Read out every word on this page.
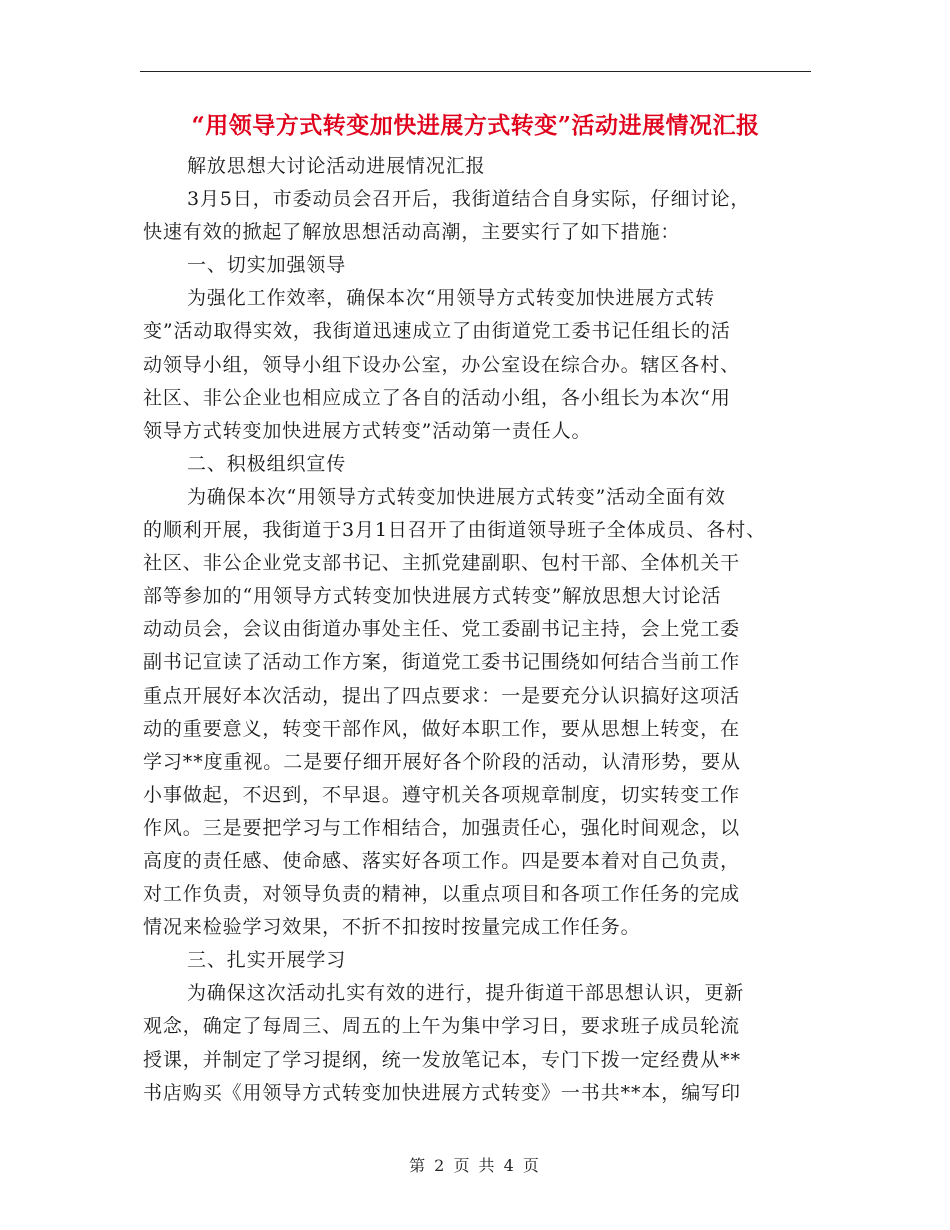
“用领导方式转变加快进展方式转变”活动进展情况汇报
解放思想大讨论活动进展情况汇报
3月5日，市委动员会召开后，我街道结合自身实际，仔细讨论，
快速有效的掀起了解放思想活动高潮，主要实行了如下措施：
一、切实加强领导
为强化工作效率，确保本次“用领导方式转变加快进展方式转
变”活动取得实效，我街道迅速成立了由街道党工委书记任组长的活
动领导小组，领导小组下设办公室，办公室设在综合办。辖区各村、
社区、非公企业也相应成立了各自的活动小组，各小组长为本次“用
领导方式转变加快进展方式转变”活动第一责任人。
二、积极组织宣传
为确保本次“用领导方式转变加快进展方式转变”活动全面有效
的顺利开展，我街道于3月1日召开了由街道领导班子全体成员、各村、
社区、非公企业党支部书记、主抓党建副职、包村干部、全体机关干
部等参加的“用领导方式转变加快进展方式转变”解放思想大讨论活
动动员会，会议由街道办事处主任、党工委副书记主持，会上党工委
副书记宣读了活动工作方案，街道党工委书记围绕如何结合当前工作
重点开展好本次活动，提出了四点要求：一是要充分认识搞好这项活
动的重要意义，转变干部作风，做好本职工作，要从思想上转变，在
学习**度重视。二是要仔细开展好各个阶段的活动，认清形势，要从
小事做起，不迟到，不早退。遵守机关各项规章制度，切实转变工作
作风。三是要把学习与工作相结合，加强责任心，强化时间观念，以
高度的责任感、使命感、落实好各项工作。四是要本着对自己负责，
对工作负责，对领导负责的精神，以重点项目和各项工作任务的完成
情况来检验学习效果，不折不扣按时按量完成工作任务。
三、扎实开展学习
为确保这次活动扎实有效的进行，提升街道干部思想认识，更新
观念，确定了每周三、周五的上午为集中学习日，要求班子成员轮流
授课，并制定了学习提纲，统一发放笔记本，专门下拨一定经费从**
书店购买《用领导方式转变加快进展方式转变》一书共**本，编写印
第 2 页 共 4 页
